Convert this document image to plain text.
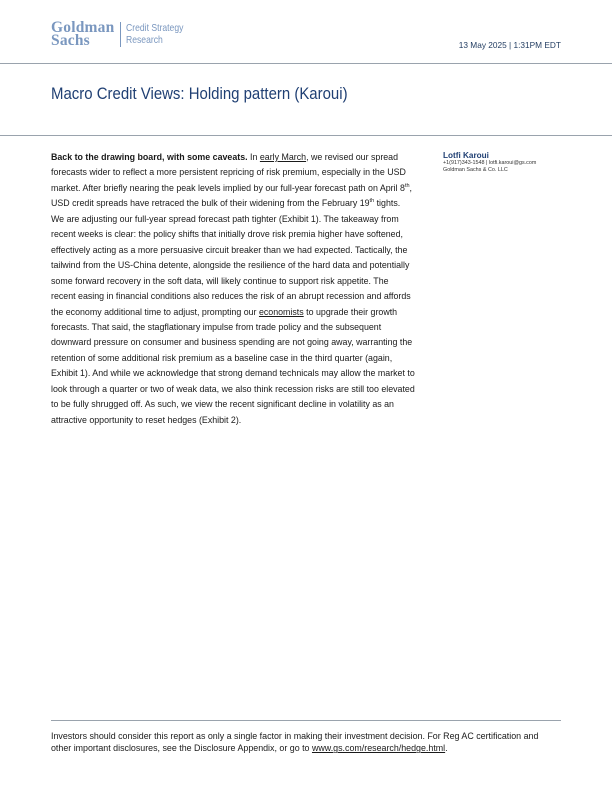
Goldman
Sachs
Credit Strategy
Research	13 May 2025 | 1:31PM EDT
Macro Credit Views: Holding pattern (Karoui)
Back to the drawing board, with some caveats. In early March, we revised our spread forecasts wider to reflect a more persistent repricing of risk premium, especially in the USD market. After briefly nearing the peak levels implied by our full-year forecast path on April 8th, USD credit spreads have retraced the bulk of their widening from the February 19th tights. We are adjusting our full-year spread forecast path tighter (Exhibit 1). The takeaway from recent weeks is clear: the policy shifts that initially drove risk premia higher have softened, effectively acting as a more persuasive circuit breaker than we had expected. Tactically, the tailwind from the US-China detente, alongside the resilience of the hard data and potentially some forward recovery in the soft data, will likely continue to support risk appetite. The recent easing in financial conditions also reduces the risk of an abrupt recession and affords the economy additional time to adjust, prompting our economists to upgrade their growth forecasts. That said, the stagflationary impulse from trade policy and the subsequent downward pressure on consumer and business spending are not going away, warranting the retention of some additional risk premium as a baseline case in the third quarter (again, Exhibit 1). And while we acknowledge that strong demand technicals may allow the market to look through a quarter or two of weak data, we also think recession risks are still too elevated to be fully shrugged off. As such, we view the recent significant decline in volatility as an attractive opportunity to reset hedges (Exhibit 2).
Lotfi Karoui
+1(917)343-1548 | lotfi.karoui@gs.com
Goldman Sachs & Co. LLC
Investors should consider this report as only a single factor in making their investment decision. For Reg AC certification and other important disclosures, see the Disclosure Appendix, or go to www.gs.com/research/hedge.html.
